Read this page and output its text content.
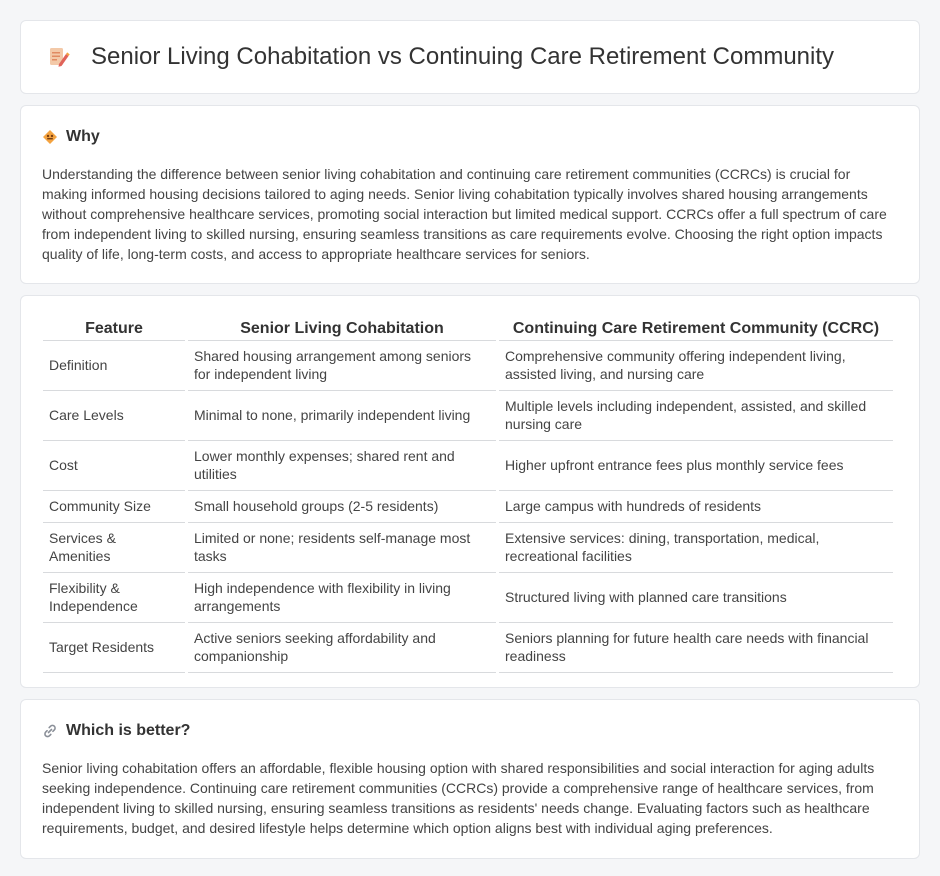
Senior Living Cohabitation vs Continuing Care Retirement Community
Why

Understanding the difference between senior living cohabitation and continuing care retirement communities (CCRCs) is crucial for making informed housing decisions tailored to aging needs. Senior living cohabitation typically involves shared housing arrangements without comprehensive healthcare services, promoting social interaction but limited medical support. CCRCs offer a full spectrum of care from independent living to skilled nursing, ensuring seamless transitions as care requirements evolve. Choosing the right option impacts quality of life, long-term costs, and access to appropriate healthcare services for seniors.

Feature	Senior Living Cohabitation	Continuing Care Retirement Community (CCRC)
Definition	Shared housing arrangement among seniors for independent living	Comprehensive community offering independent living, assisted living, and nursing care
Care Levels	Minimal to none, primarily independent living	Multiple levels including independent, assisted, and skilled nursing care
Cost	Lower monthly expenses; shared rent and utilities	Higher upfront entrance fees plus monthly service fees
Community Size	Small household groups (2-5 residents)	Large campus with hundreds of residents
Services & Amenities	Limited or none; residents self-manage most tasks	Extensive services: dining, transportation, medical, recreational facilities
Flexibility & Independence	High independence with flexibility in living arrangements	Structured living with planned care transitions
Target Residents	Active seniors seeking affordability and companionship	Seniors planning for future health care needs with financial readiness
Which is better?

Senior living cohabitation offers an affordable, flexible housing option with shared responsibilities and social interaction for aging adults seeking independence. Continuing care retirement communities (CCRCs) provide a comprehensive range of healthcare services, from independent living to skilled nursing, ensuring seamless transitions as residents' needs change. Evaluating factors such as healthcare requirements, budget, and desired lifestyle helps determine which option aligns best with individual aging preferences.
